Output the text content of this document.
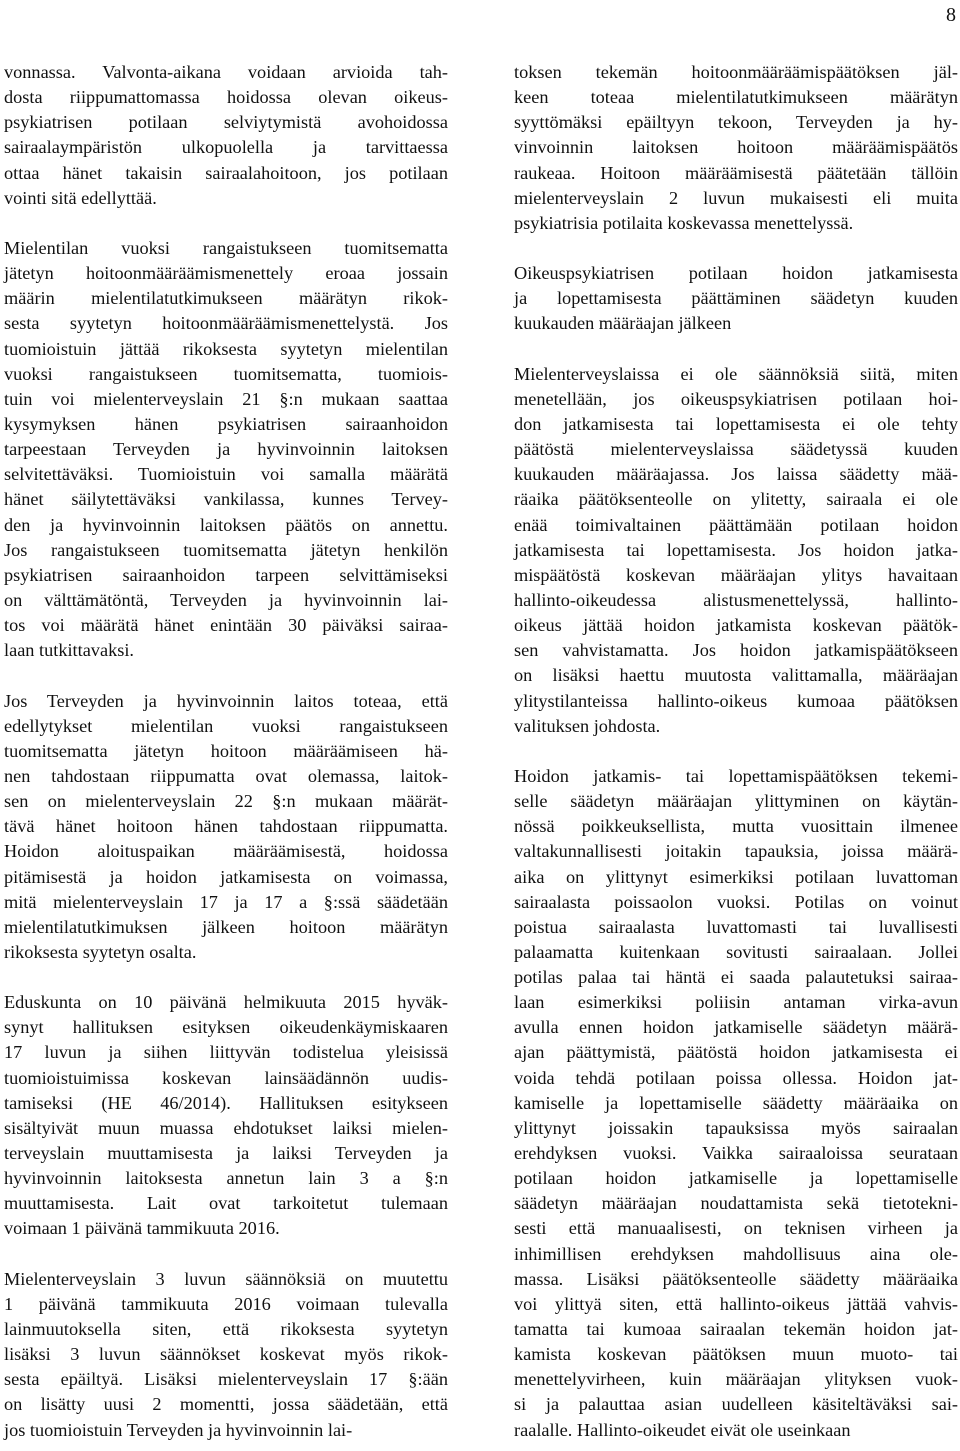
8
vonnassa. Valvonta-aikana voidaan arvioida tah-
dosta riippumattomassa hoidossa olevan oikeus-
psykiatrisen potilaan selviytymistä avohoidossa
sairaalaympäristön ulkopuolella ja tarvittaessa
ottaa hänet takaisin sairaalahoitoon, jos potilaan
vointi sitä edellyttää.
Mielentilan vuoksi rangaistukseen tuomitsematta
jätetyn hoitoonmääräämismenettely eroaa jossain
määrin mielentilatutkimukseen määrätyn rikok-
sesta syytetyn hoitoonmääräämismenettelystä. Jos
tuomioistuin jättää rikoksesta syytetyn mielentilan
vuoksi rangaistukseen tuomitsematta, tuomiois-
tuin voi mielenterveyslain 21 §:n mukaan saattaa
kysymyksen hänen psykiatrisen sairaanhoidon
tarpeestaan Terveyden ja hyvinvoinnin laitoksen
selvitettäväksi. Tuomioistuin voi samalla määrätä
hänet säilytettäväksi vankilassa, kunnes Tervey-
den ja hyvinvoinnin laitoksen päätös on annettu.
Jos rangaistukseen tuomitsematta jätetyn henkilön
psykiatrisen sairaanhoidon tarpeen selvittämiseksi
on välttämätöntä, Terveyden ja hyvinvoinnin lai-
tos voi määrätä hänet enintään 30 päiväksi sairaa-
laan tutkittavaksi.
Jos Terveyden ja hyvinvoinnin laitos toteaa, että
edellytykset mielentilan vuoksi rangaistukseen
tuomitsematta jätetyn hoitoon määräämiseen hä-
nen tahdostaan riippumatta ovat olemassa, laitok-
sen on mielenterveyslain 22 §:n mukaan määrät-
tävä hänet hoitoon hänen tahdostaan riippumatta.
Hoidon aloituspaikan määräämisestä, hoidossa
pitämisestä ja hoidon jatkamisesta on voimassa,
mitä mielenterveyslain 17 ja 17 a §:ssä säädetään
mielentilatutkimuksen jälkeen hoitoon määrätyn
rikoksesta syytetyn osalta.
Eduskunta on 10 päivänä helmikuuta 2015 hyväk-
synyt hallituksen esityksen oikeudenkäymiskaaren
17 luvun ja siihen liittyvän todistelua yleisissä
tuomioistuimissa koskevan lainsäädännön uudis-
tamiseksi (HE 46/2014). Hallituksen esitykseen
sisältyivät muun muassa ehdotukset laiksi mielen-
terveyslain muuttamisesta ja laiksi Terveyden ja
hyvinvoinnin laitoksesta annetun lain 3 a §:n
muuttamisesta. Lait ovat tarkoitetut tulemaan
voimaan 1 päivänä tammikuuta 2016.
Mielenterveyslain 3 luvun säännöksiä on muutettu
1 päivänä tammikuuta 2016 voimaan tulevalla
lainmuutoksella siten, että rikoksesta syytetyn
lisäksi 3 luvun säännökset koskevat myös rikok-
sesta epäiltyä. Lisäksi mielenterveyslain 17 §:ään
on lisätty uusi 2 momentti, jossa säädetään, että
jos tuomioistuin Terveyden ja hyvinvoinnin lai-
toksen tekemän hoitoonmääräämispäätöksen jäl-
keen toteaa mielentilatutkimukseen määrätyn
syyttömäksi epäiltyyn tekoon, Terveyden ja hy-
vinvoinnin laitoksen hoitoon määräämispäätös
raukeaa. Hoitoon määräämisestä päätetään tällöin
mielenterveyslain 2 luvun mukaisesti eli muita
psykiatrisia potilaita koskevassa menettelyssä.
Oikeuspsykiatrisen potilaan hoidon jatkamisesta
ja lopettamisesta päättäminen säädetyn kuuden
kuukauden määräajan jälkeen
Mielenterveyslaissa ei ole säännöksiä siitä, miten
menetellään, jos oikeuspsykiatrisen potilaan hoi-
don jatkamisesta tai lopettamisesta ei ole tehty
päätöstä mielenterveyslaissa säädetyssä kuuden
kuukauden määräajassa. Jos laissa säädetty mää-
räaika päätöksenteolle on ylitetty, sairaala ei ole
enää toimivaltainen päättämään potilaan hoidon
jatkamisesta tai lopettamisesta. Jos hoidon jatka-
mispäätöstä koskevan määräajan ylitys havaitaan
hallinto-oikeudessa alistusmenettelyssä, hallinto-
oikeus jättää hoidon jatkamista koskevan päätök-
sen vahvistamatta. Jos hoidon jatkamispäätökseen
on lisäksi haettu muutosta valittamalla, määräajan
ylitystilanteissa hallinto-oikeus kumoaa päätöksen
valituksen johdosta.
Hoidon jatkamis- tai lopettamispäätöksen tekemi-
selle säädetyn määräajan ylittyminen on käytän-
nössä poikkeuksellista, mutta vuosittain ilmenee
valtakunnallisesti joitakin tapauksia, joissa määrä-
aika on ylittynyt esimerkiksi potilaan luvattoman
sairaalasta poissaolon vuoksi. Potilas on voinut
poistua sairaalasta luvattomasti tai luvallisesti
palaamatta kuitenkaan sovitusti sairaalaan. Jollei
potilas palaa tai häntä ei saada palautetuksi sairaa-
laan esimerkiksi poliisin antaman virka-avun
avulla ennen hoidon jatkamiselle säädetyn määrä-
ajan päättymistä, päätöstä hoidon jatkamisesta ei
voida tehdä potilaan poissa ollessa. Hoidon jat-
kamiselle ja lopettamiselle säädetty määräaika on
ylittynyt joissakin tapauksissa myös sairaalan
erehdyksen vuoksi. Vaikka sairaaloissa seurataan
potilaan hoidon jatkamiselle ja lopettamiselle
säädetyn määräajan noudattamista sekä tietotekni-
sesti että manuaalisesti, on teknisen virheen ja
inhimillisen erehdyksen mahdollisuus aina ole-
massa. Lisäksi päätöksenteolle säädetty määräaika
voi ylittyä siten, että hallinto-oikeus jättää vahvis-
tamatta tai kumoaa sairaalan tekemän hoidon jat-
kamista koskevan päätöksen muun muoto- tai
menettelyvirheen, kuin määräajan ylityksen vuok-
si ja palauttaa asian uudelleen käsiteltäväksi sai-
raalalle. Hallinto-oikeudet eivät ole useinkaan
